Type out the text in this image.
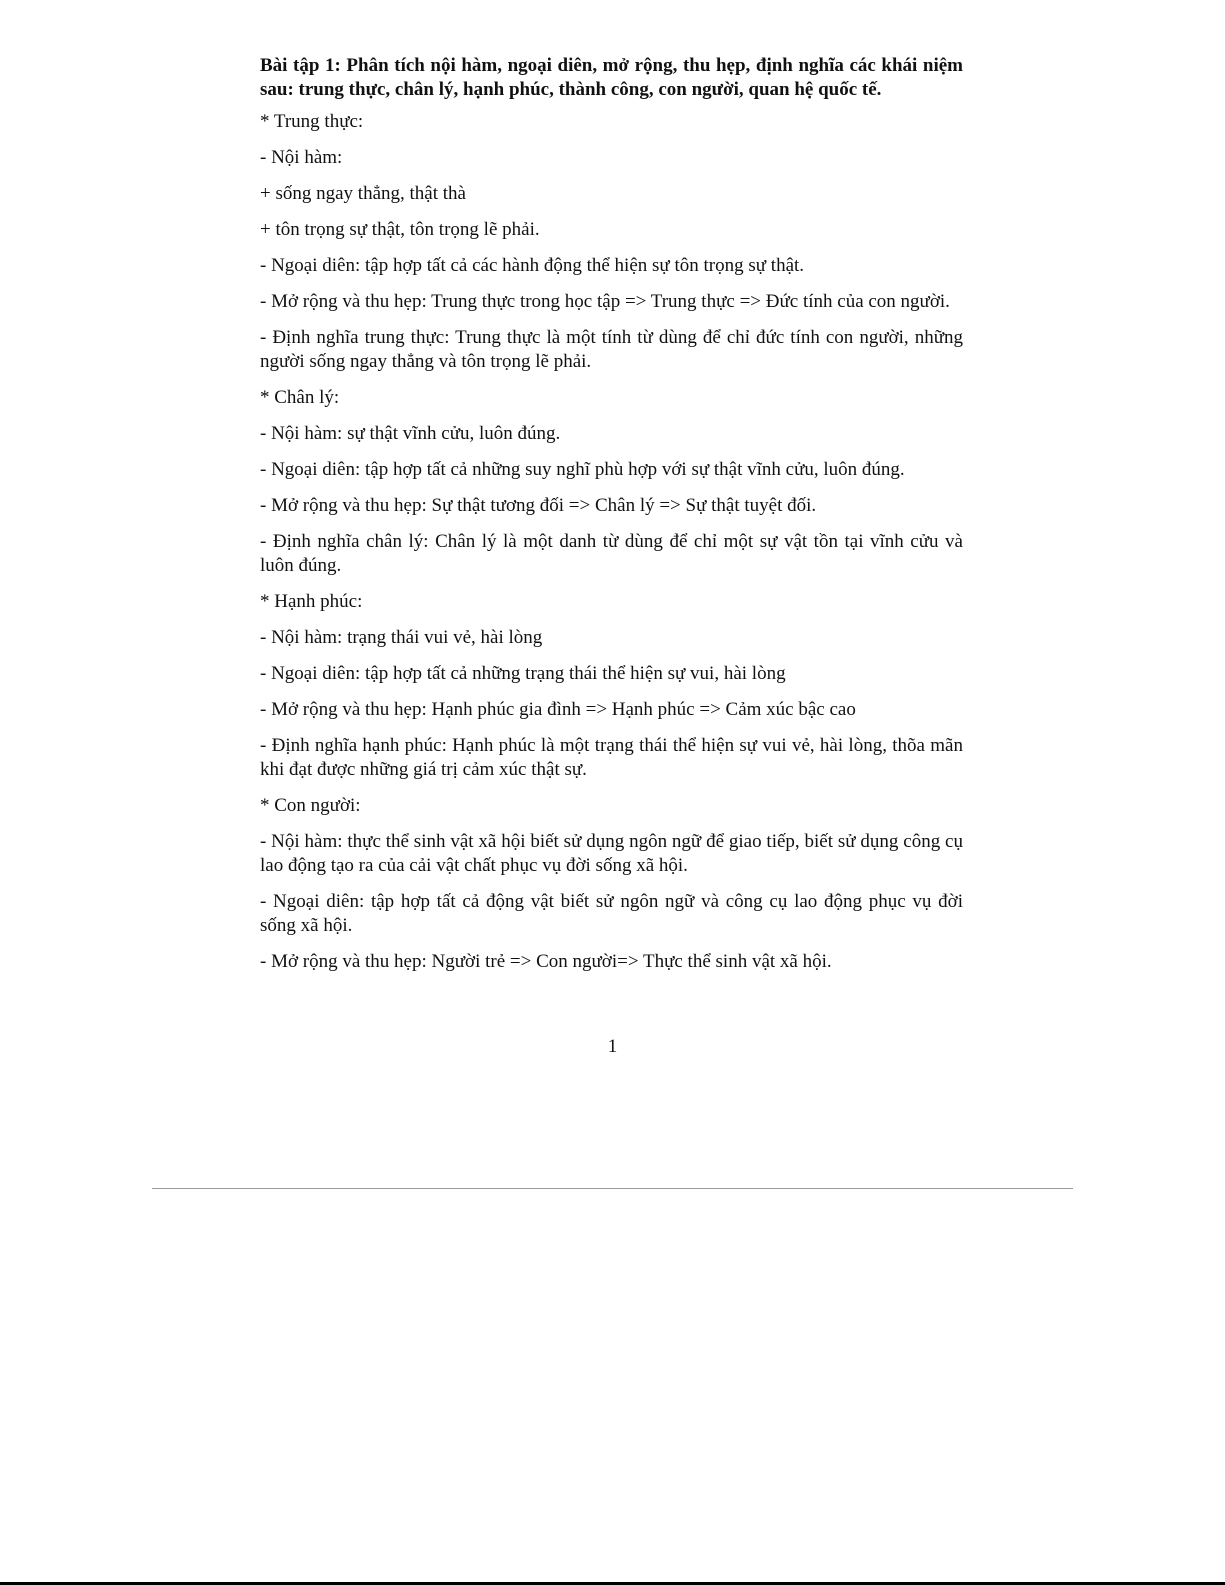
Bài tập 1: Phân tích nội hàm, ngoại diên, mở rộng, thu hẹp, định nghĩa các khái niệm sau: trung thực, chân lý, hạnh phúc, thành công, con người, quan hệ quốc tế.
* Trung thực:
- Nội hàm:
+ sống ngay thẳng, thật thà
+ tôn trọng sự thật, tôn trọng lẽ phải.
- Ngoại diên: tập hợp tất cả các hành động thể hiện sự tôn trọng sự thật.
- Mở rộng và thu hẹp: Trung thực trong học tập => Trung thực => Đức tính của con người.
- Định nghĩa trung thực: Trung thực là một tính từ dùng để chỉ đức tính con người, những người sống ngay thẳng và tôn trọng lẽ phải.
* Chân lý:
- Nội hàm: sự thật vĩnh cửu, luôn đúng.
- Ngoại diên: tập hợp tất cả những suy nghĩ phù hợp với sự thật vĩnh cửu, luôn đúng.
- Mở rộng và thu hẹp: Sự thật tương đối => Chân lý => Sự thật tuyệt đối.
- Định nghĩa chân lý: Chân lý là một danh từ dùng để chỉ một sự vật tồn tại vĩnh cửu và luôn đúng.
* Hạnh phúc:
- Nội hàm: trạng thái vui vẻ, hài lòng
- Ngoại diên: tập hợp tất cả những trạng thái thể hiện sự vui, hài lòng
- Mở rộng và thu hẹp: Hạnh phúc gia đình => Hạnh phúc => Cảm xúc bậc cao
- Định nghĩa hạnh phúc: Hạnh phúc là một trạng thái thể hiện sự vui vẻ, hài lòng, thõa mãn khi đạt được những giá trị cảm xúc thật sự.
* Con người:
- Nội hàm: thực thể sinh vật xã hội biết sử dụng ngôn ngữ để giao tiếp, biết sử dụng công cụ lao động tạo ra của cải vật chất phục vụ đời sống xã hội.
- Ngoại diên: tập hợp tất cả động vật biết sử ngôn ngữ và công cụ lao động phục vụ đời sống xã hội.
- Mở rộng và thu hẹp: Người trẻ => Con người=> Thực thể sinh vật xã hội.
1
